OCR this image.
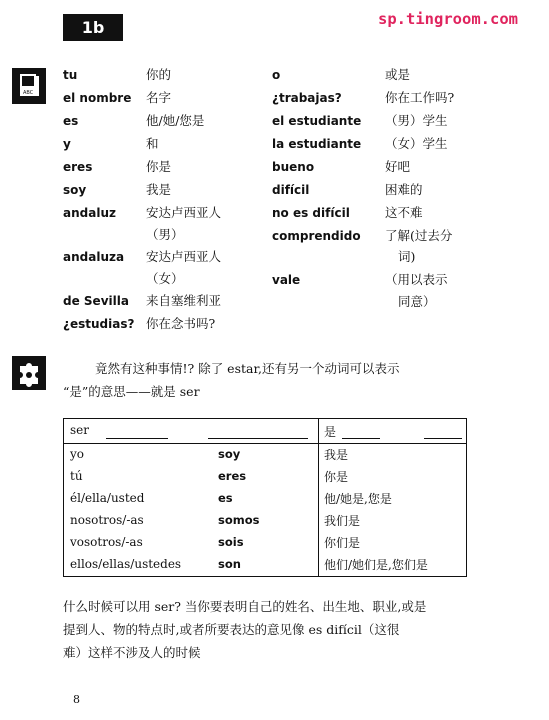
1b	sp.tingroom.com
ABC
tu	你的
el nombre 名字
es	他/她/您是
y	和
eres	你是
soy	我是
andaluz 安达卢西亚人
（男）
andaluza 安达卢西亚人
（女）
de Sevilla 来自塞维利亚
¿estudias? 你在念书吗?
o	或是
¿trabajas?	你在工作吗?
el estudiante （男）学生
la estudiante （女）学生
bueno	好吧
difícil	困难的
no es difícil	这不难
comprendido 了解(过去分
词)
vale	（用以表示
同意）
竟然有这种事情!? 除了 estar,还有另一个动词可以表示
“是”的意思——就是 ser
ser	是
yo	soy	我是
tú	eres	你是
él/ella/usted	es	他/她是,您是
nosotros/-as	somos	我们是
vosotros/-as	sois	你们是
ellos/ellas/ustedes	son	他们/她们是,您们是
什么时候可以用 ser? 当你要表明自己的姓名、出生地、职业,或是
提到人、物的特点时,或者所要表达的意见像 es difícil（这很
难）这样不涉及人的时候
8
